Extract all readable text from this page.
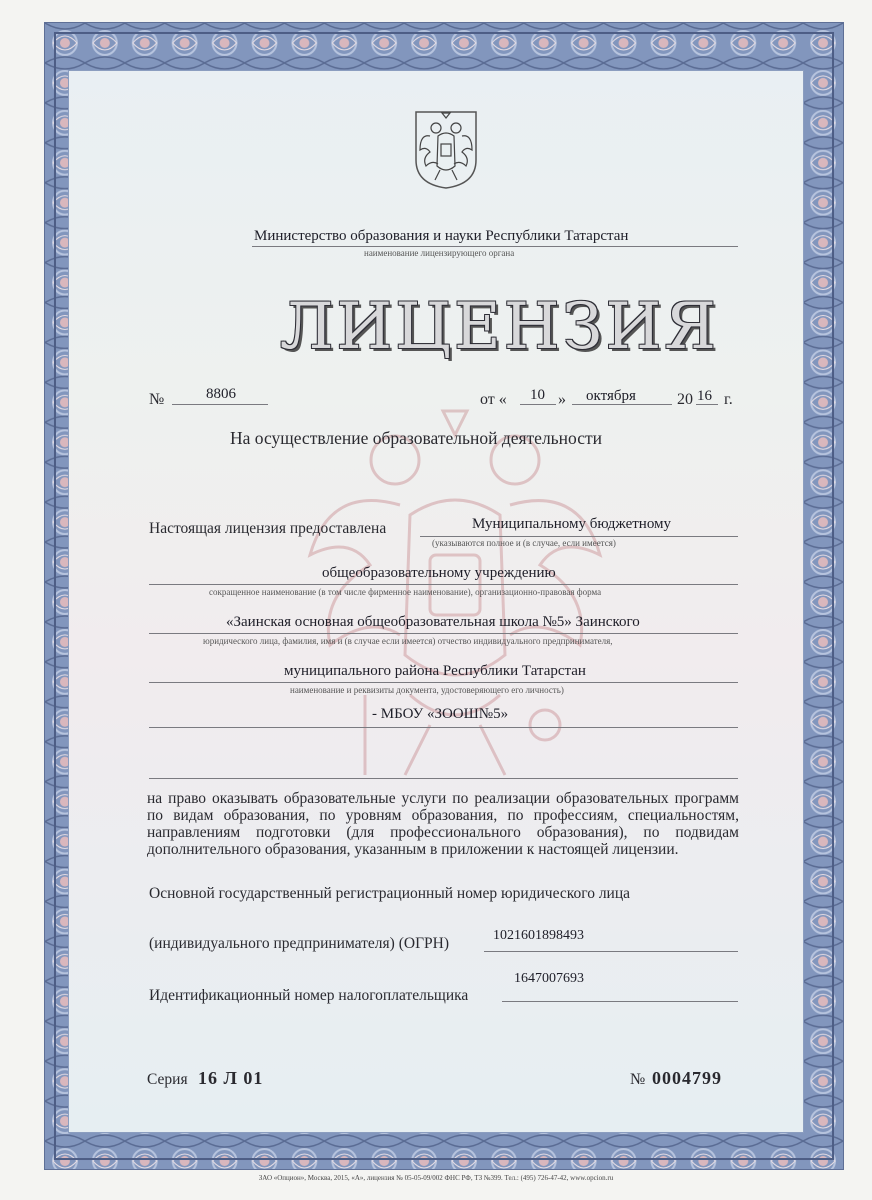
Министерство образования и науки Республики Татарстан
наименование лицензирующего органа
ЛИЦЕНЗИЯ
№	8806	от « 10 » октября	20 16 г.
На осуществление образовательной деятельности
Настоящая лицензия предоставлена	Муниципальному бюджетному
(указываются полное и (в случае, если имеется)
общеобразовательному учреждению
сокращенное наименование (в том числе фирменное наименование), организационно-правовая форма
«Заинская основная общеобразовательная школа №5» Заинского
юридического лица, фамилия, имя и (в случае если имеется) отчество индивидуального предпринимателя,
муниципального района Республики Татарстан
наименование и реквизиты документа, удостоверяющего его личность)
- МБОУ «ЗООШ№5»
на право оказывать образовательные услуги по реализации образовательных программ по видам образования, по уровням образования, по профессиям, специальностям, направлениям подготовки (для профессионального образования), по подвидам дополнительного образования, указанным в приложении к настоящей лицензии.
Основной государственный регистрационный номер юридического лица
(индивидуального предпринимателя) (ОГРН)	1021601898493
Идентификационный номер налогоплательщика
1647007693
Серия 16 Л 01	№ 0004799
ЗАО «Опцион», Москва, 2015, «А», лицензия № 05-05-09/002 ФНС РФ, ТЗ №399. Тел.: (495) 726-47-42, www.opcion.ru
